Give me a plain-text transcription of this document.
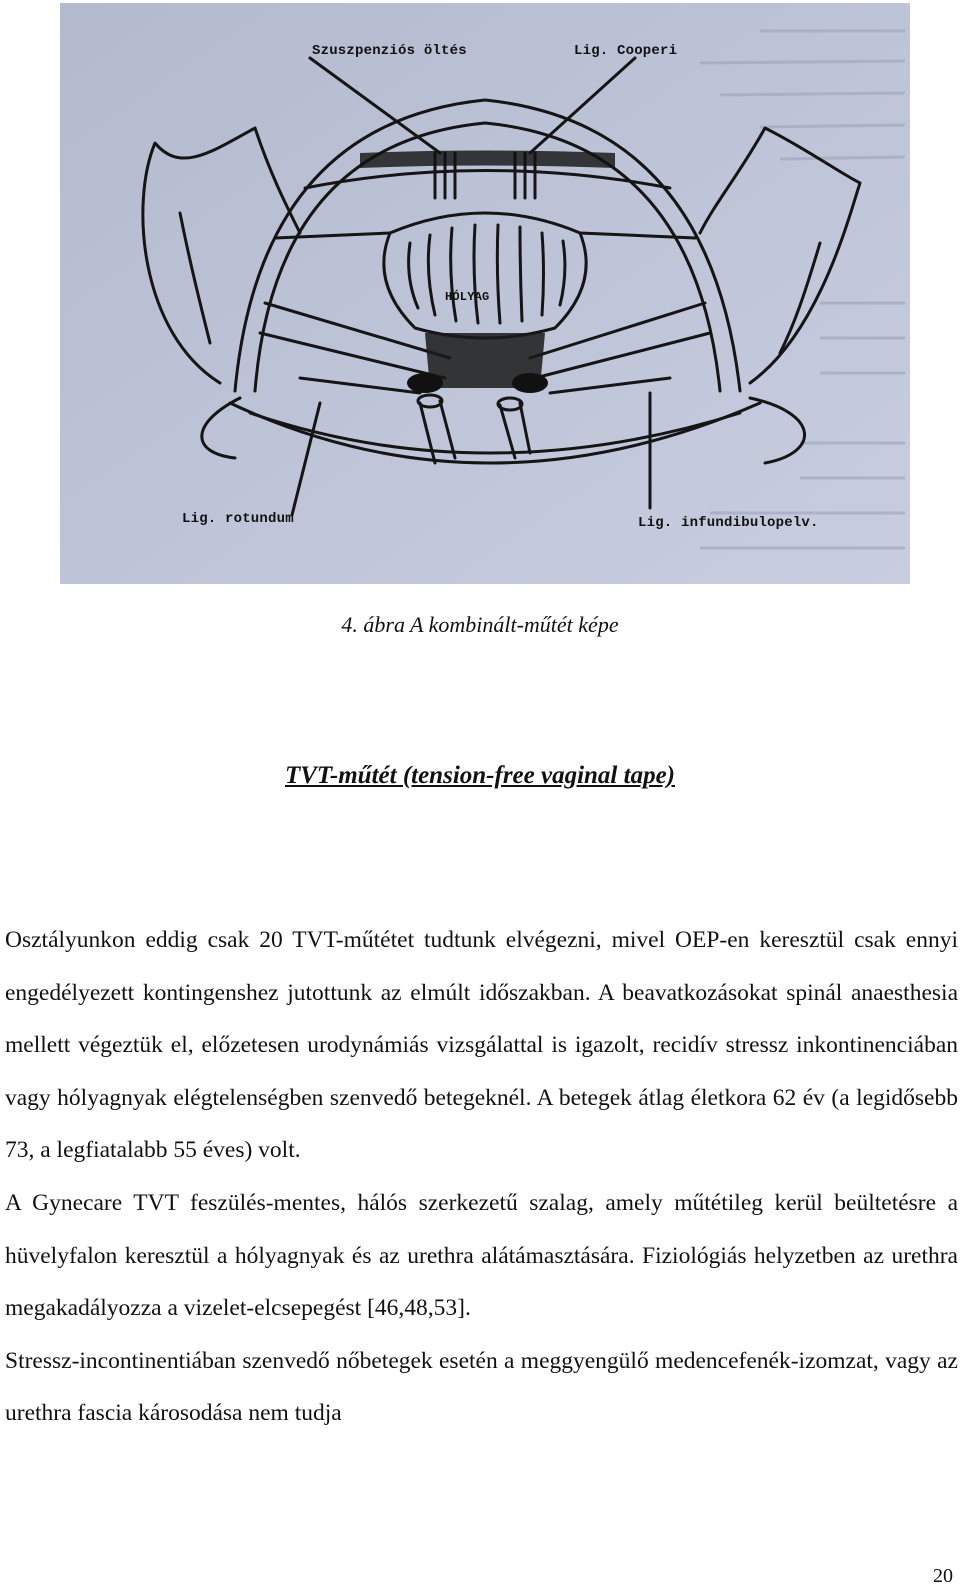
Szuszpenziós öltés	Lig. Cooperi
HÓLYAG
Lig. rotundum	Lig. infundibulopelv.
4. ábra A kombinált-műtét képe
TVT-műtét (tension-free vaginal tape)

Osztályunkon eddig csak 20 TVT-műtétet tudtunk elvégezni, mivel OEP-en keresztül csak ennyi engedélyezett kontingenshez jutottunk az elmúlt időszakban. A beavatkozásokat spinál anaesthesia mellett végeztük el, előzetesen urodynámiás vizsgálattal is igazolt, recidív stressz inkontinenciában vagy hólyagnyak elégtelenségben szenvedő betegeknél. A betegek átlag életkora 62 év (a legidősebb 73, a legfiatalabb 55 éves) volt.

A Gynecare TVT feszülés-mentes, hálós szerkezetű szalag, amely műtétileg kerül beültetésre a hüvelyfalon keresztül a hólyagnyak és az urethra alátámasztására. Fiziológiás helyzetben az urethra megakadályozza a vizelet-elcsepegést [46,48,53].

Stressz-incontinentiában szenvedő nőbetegek esetén a meggyengülő medencefenék-izomzat, vagy az urethra fascia károsodása nem tudja

20
